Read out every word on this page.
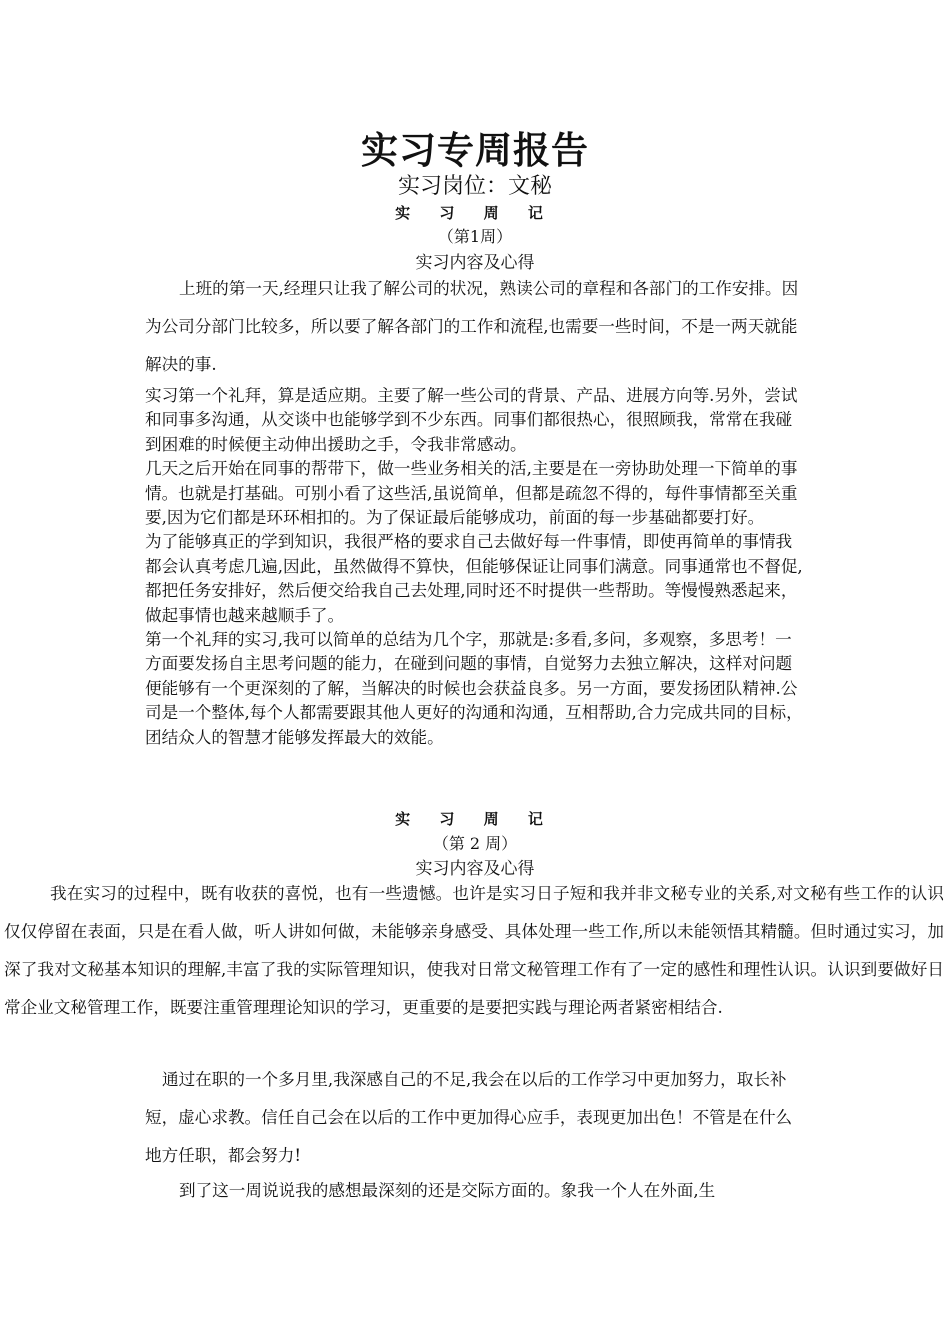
实习专周报告
实习岗位：文秘
实 习 周 记
（第1周）
实习内容及心得

上班的第一天,经理只让我了解公司的状况，熟读公司的章程和各部门的工作安排。因为公司分部门比较多，所以要了解各部门的工作和流程,也需要一些时间，不是一两天就能解决的事.

实习第一个礼拜，算是适应期。主要了解一些公司的背景、产品、进展方向等.另外，尝试和同事多沟通，从交谈中也能够学到不少东西。同事们都很热心，很照顾我，常常在我碰到困难的时候便主动伸出援助之手，令我非常感动。

几天之后开始在同事的帮带下，做一些业务相关的活,主要是在一旁协助处理一下简单的事情。也就是打基础。可别小看了这些活,虽说简单，但都是疏忽不得的，每件事情都至关重要,因为它们都是环环相扣的。为了保证最后能够成功，前面的每一步基础都要打好。

为了能够真正的学到知识，我很严格的要求自己去做好每一件事情，即使再简单的事情我都会认真考虑几遍,因此，虽然做得不算快，但能够保证让同事们满意。同事通常也不督促,都把任务安排好，然后便交给我自己去处理,同时还不时提供一些帮助。等慢慢熟悉起来，做起事情也越来越顺手了。

第一个礼拜的实习,我可以简单的总结为几个字，那就是:多看,多问，多观察，多思考！一方面要发扬自主思考问题的能力，在碰到问题的事情，自觉努力去独立解决，这样对问题便能够有一个更深刻的了解，当解决的时候也会获益良多。另一方面，要发扬团队精神.公司是一个整体,每个人都需要跟其他人更好的沟通和沟通，互相帮助,合力完成共同的目标，团结众人的智慧才能够发挥最大的效能。

实 习 周 记
（第 2 周）
实习内容及心得

我在实习的过程中，既有收获的喜悦，也有一些遗憾。也许是实习日子短和我并非文秘专业的关系,对文秘有些工作的认识仅仅停留在表面，只是在看人做，听人讲如何做，未能够亲身感受、具体处理一些工作,所以未能领悟其精髓。但时通过实习，加深了我对文秘基本知识的理解,丰富了我的实际管理知识，使我对日常文秘管理工作有了一定的感性和理性认识。认识到要做好日常企业文秘管理工作，既要注重管理理论知识的学习，更重要的是要把实践与理论两者紧密相结合.

通过在职的一个多月里,我深感自己的不足,我会在以后的工作学习中更加努力，取长补短，虚心求教。信任自己会在以后的工作中更加得心应手，表现更加出色！不管是在什么地方任职，都会努力!

到了这一周说说我的感想最深刻的还是交际方面的。象我一个人在外面,生
